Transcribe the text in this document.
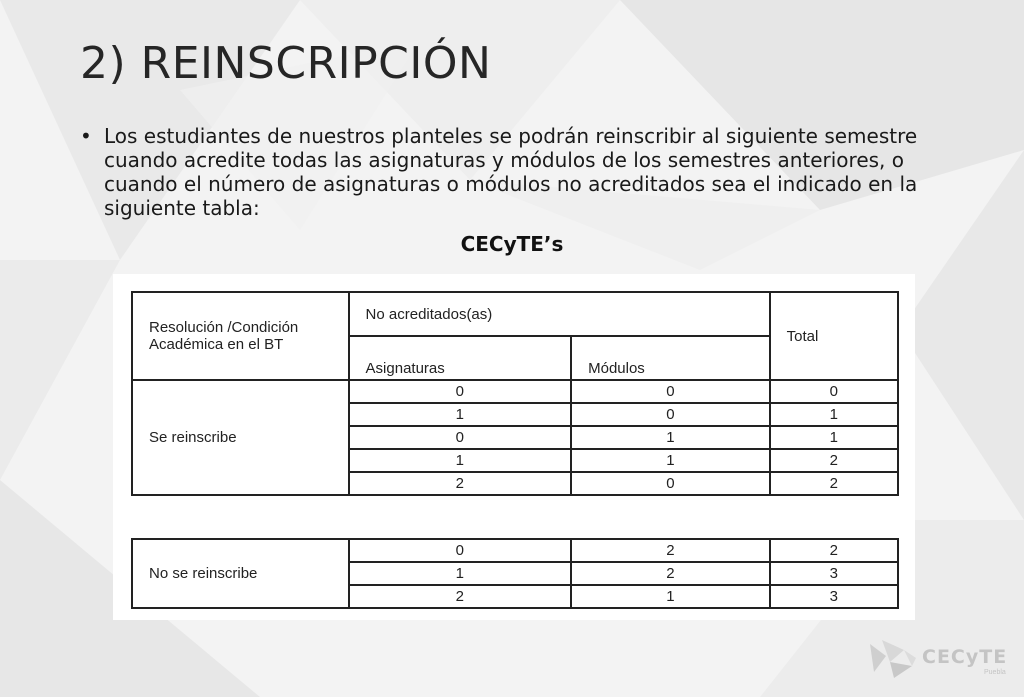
2) REINSCRIPCIÓN
• Los estudiantes de nuestros planteles se podrán reinscribir al siguiente semestre cuando acredite todas las asignaturas y módulos de los semestres anteriores, o cuando el número de asignaturas o módulos no acreditados sea el indicado en la siguiente tabla:
CECyTE’s
Resolución /Condición Académica en el BT	No acreditados(as)		Total
	Asignaturas	Módulos	
Se reinscribe	0	0	0
	1	0	1
	0	1	1
	1	1	2
	2	0	2
No se reinscribe	0	2	2
	1	2	3
	2	1	3
CECyTE
Puebla
